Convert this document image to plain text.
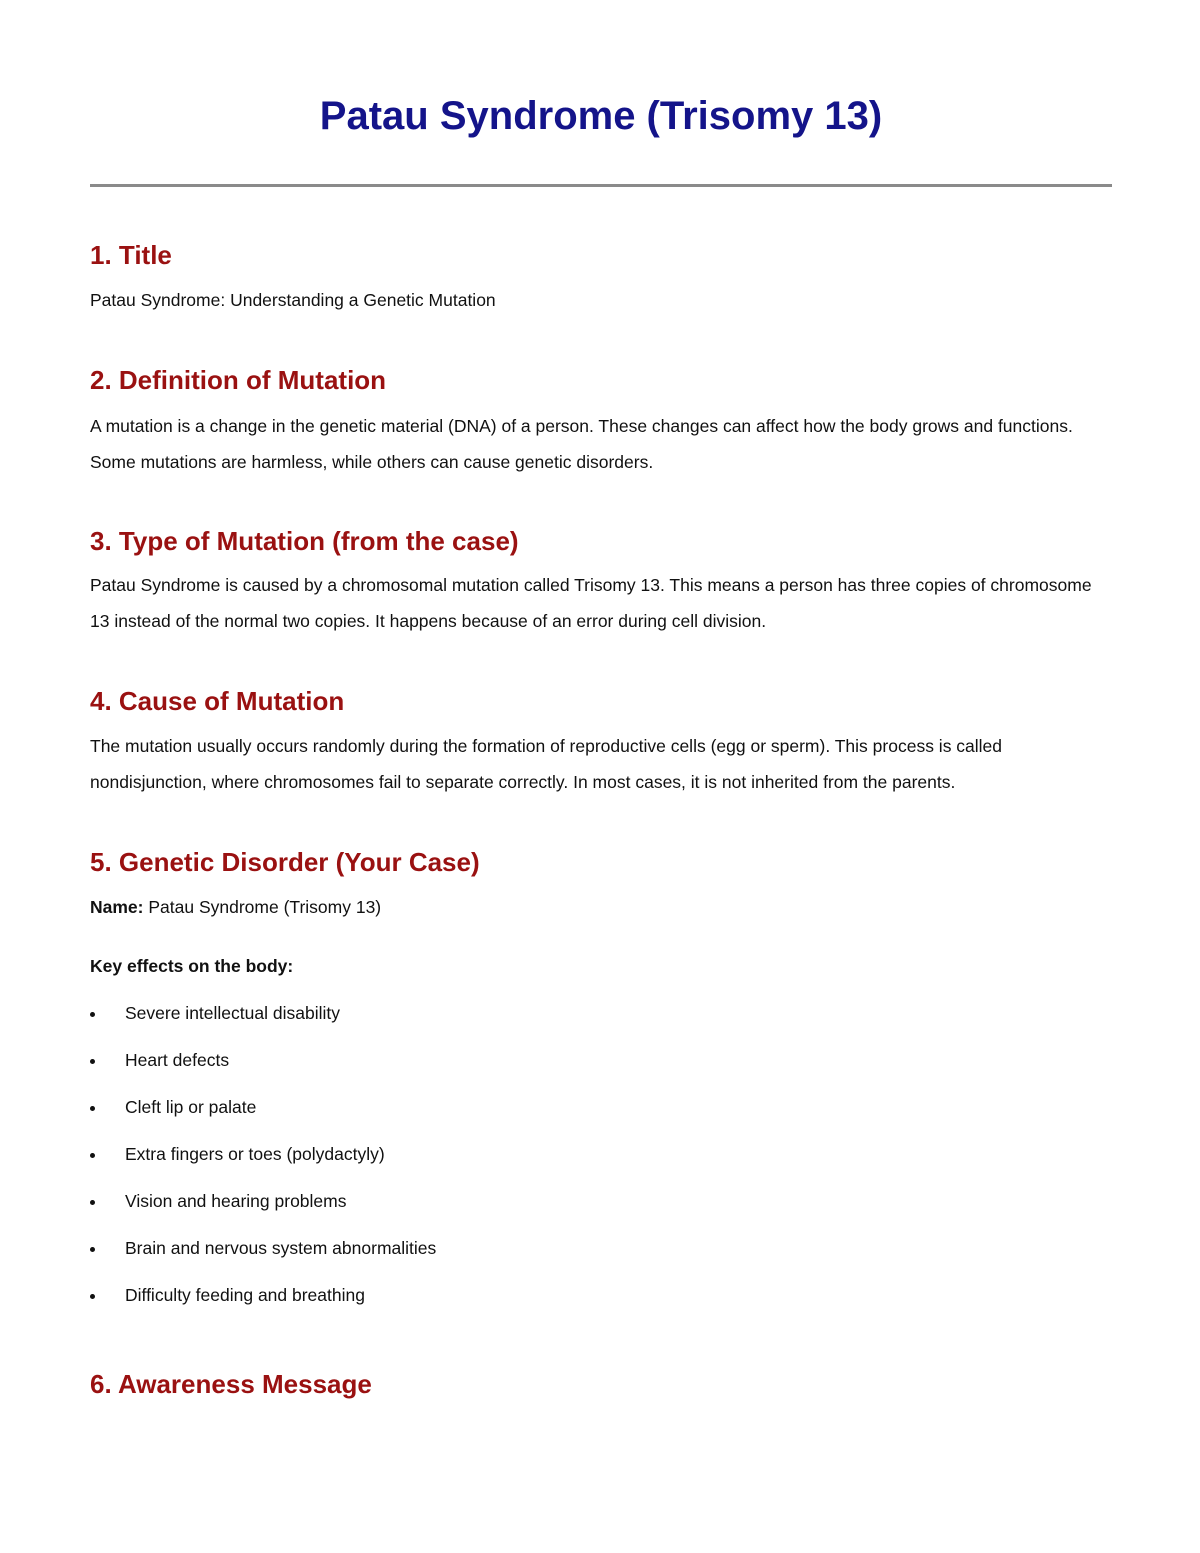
Patau Syndrome (Trisomy 13)
1. Title

Patau Syndrome: Understanding a Genetic Mutation

2. Definition of Mutation

A mutation is a change in the genetic material (DNA) of a person. These changes can affect how the body grows and functions. Some mutations are harmless, while others can cause genetic disorders.

3. Type of Mutation (from the case)

Patau Syndrome is caused by a chromosomal mutation called Trisomy 13. This means a person has three copies of chromosome 13 instead of the normal two copies. It happens because of an error during cell division.

4. Cause of Mutation

The mutation usually occurs randomly during the formation of reproductive cells (egg or sperm). This process is called nondisjunction, where chromosomes fail to separate correctly. In most cases, it is not inherited from the parents.

5. Genetic Disorder (Your Case)

Name: Patau Syndrome (Trisomy 13)

Key effects on the body:

Severe intellectual disability
Heart defects
Cleft lip or palate
Extra fingers or toes (polydactyly)
Vision and hearing problems
Brain and nervous system abnormalities
Difficulty feeding and breathing
6. Awareness Message
